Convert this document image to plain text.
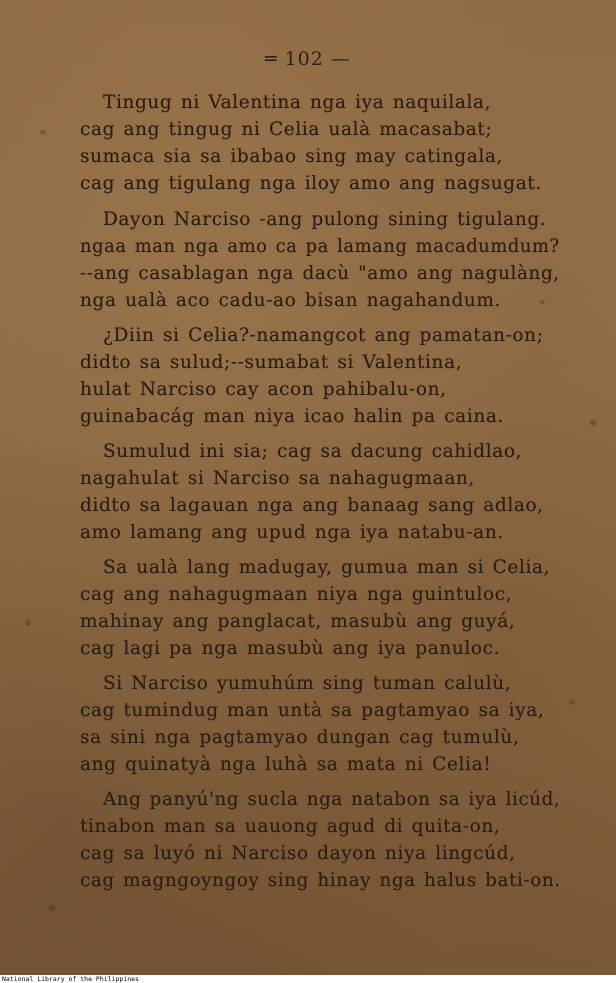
═ 102 —
Tingug ni Valentina nga iya naquilala,
cag ang tingug ni Celia ualà macasabat;
sumaca sia sa ibabao sing may catingala,
cag ang tigulang nga iloy amo ang nagsugat.
Dayon Narciso -ang pulong sining tigulang.
ngaa man nga amo ca pa lamang macadumdum?
--ang casablagan nga dacù "amo ang nagulàng,
nga ualà aco cadu-ao bisan nagahandum.
¿Diin si Celia?-namangcot ang pamatan-on;
didto sa sulud;--sumabat si Valentina,
hulat Narciso cay acon pahibalu-on,
guinabacág man niya icao halin pa caina.
Sumulud ini sia; cag sa dacung cahidlao,
nagahulat si Narciso sa nahagugmaan,
didto sa lagauan nga ang banaag sang adlao,
amo lamang ang upud nga iya natabu-an.
Sa ualà lang madugay, gumua man si Celia,
cag ang nahagugmaan niya nga guintuloc,
mahinay ang panglacat, masubù ang guyá,
cag lagi pa nga masubù ang iya panuloc.
Si Narciso yumuhúm sing tuman calulù,
cag tumindug man untà sa pagtamyao sa iya,
sa sini nga pagtamyao dungan cag tumulù,
ang quinatyà nga luhà sa mata ni Celia!
Ang panyú'ng sucla nga natabon sa iya licúd,
tinabon man sa uauong agud di quita-on,
cag sa luyó ni Narciso dayon niya lingcúd,
cag magngoyngoy sing hinay nga halus bati-on.
National Library of the Philippines
